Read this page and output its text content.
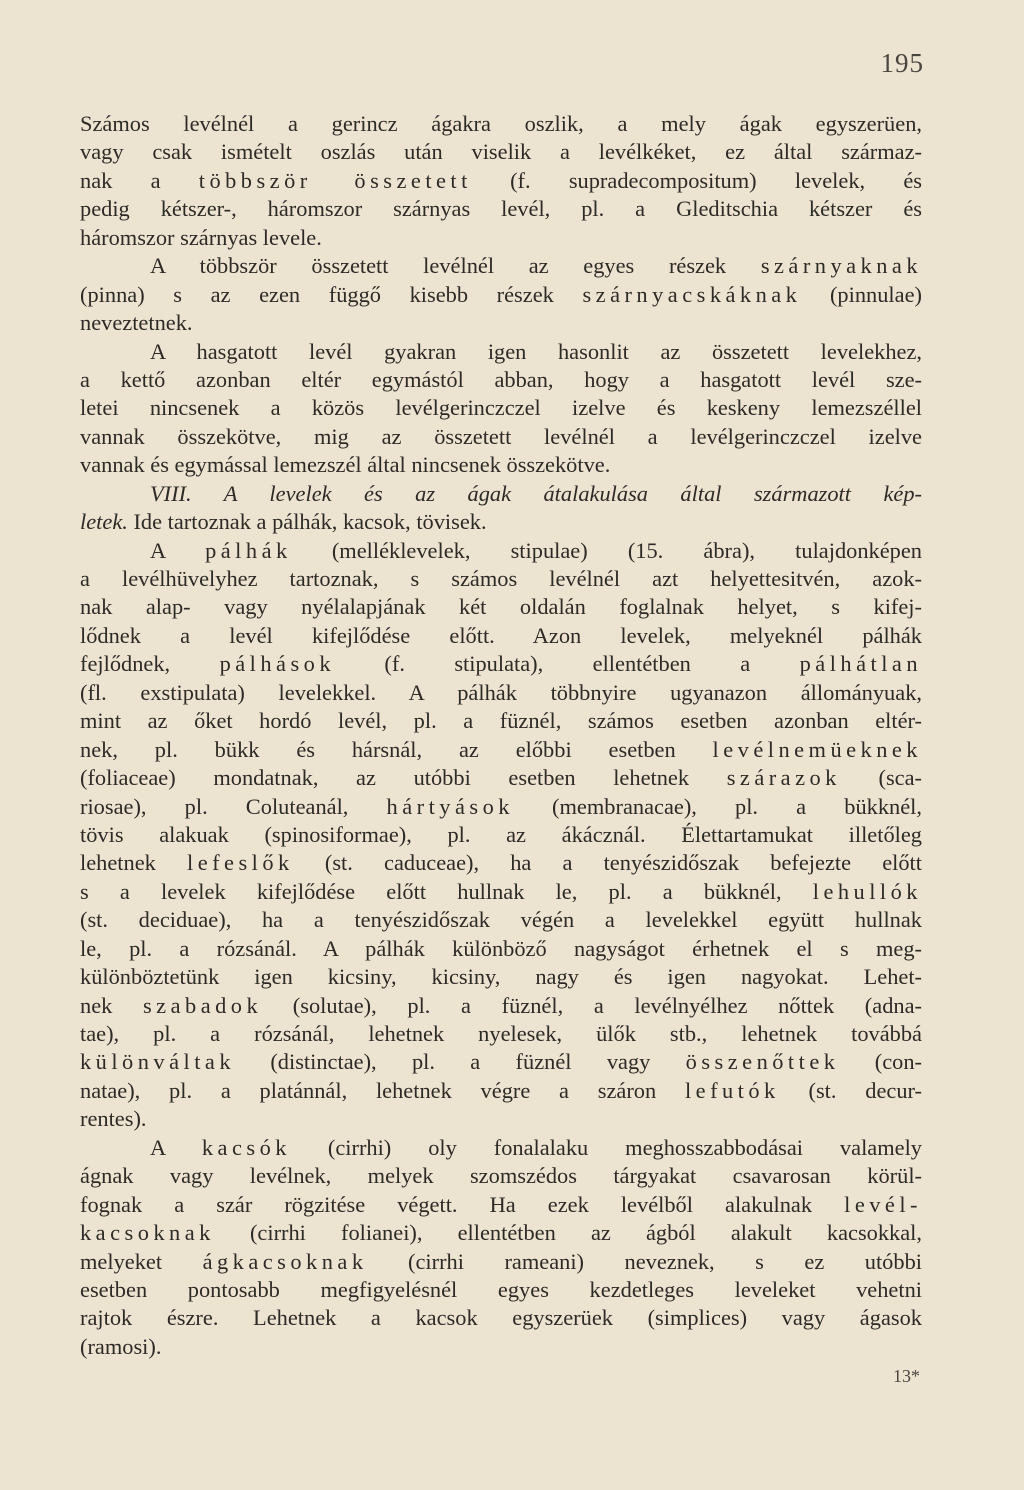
195
Számos levélnél a gerincz ágakra oszlik, a mely ágak egyszerüen,
vagy csak ismételt oszlás után viselik a levélkéket, ez által származ-
nak a többször összetett (f. supradecompositum) levelek, és
pedig kétszer-, háromszor szárnyas levél, pl. a Gleditschia kétszer és
háromszor szárnyas levele.
A többször összetett levélnél az egyes részek szárnyaknak
(pinna) s az ezen függő kisebb részek szárnyacskáknak (pinnulae)
neveztetnek.
A hasgatott levél gyakran igen hasonlit az összetett levelekhez,
a kettő azonban eltér egymástól abban, hogy a hasgatott levél sze-
letei nincsenek a közös levélgerinczczel izelve és keskeny lemezszéllel
vannak összekötve, mig az összetett levélnél a levélgerinczczel izelve
vannak és egymással lemezszél által nincsenek összekötve.
VIII. A levelek és az ágak átalakulása által származott kép-
letek. Ide tartoznak a pálhák, kacsok, tövisek.
A pálhák (melléklevelek, stipulae) (15. ábra), tulajdonképen
a levélhüvelyhez tartoznak, s számos levélnél azt helyettesitvén, azok-
nak alap- vagy nyélalapjának két oldalán foglalnak helyet, s kifej-
lődnek a levél kifejlődése előtt. Azon levelek, melyeknél pálhák
fejlődnek, pálhások (f. stipulata), ellentétben a pálhátlan
(fl. exstipulata) levelekkel. A pálhák többnyire ugyanazon állományuak,
mint az őket hordó levél, pl. a füznél, számos esetben azonban eltér-
nek, pl. bükk és hársnál, az előbbi esetben levélnemüeknek
(foliaceae) mondatnak, az utóbbi esetben lehetnek szárazok (sca-
riosae), pl. Coluteanál, hártyások (membranacae), pl. a bükknél,
tövis alakuak (spinosiformae), pl. az ákácznál. Élettartamukat illetőleg
lehetnek lefeslők (st. caduceae), ha a tenyészidőszak befejezte előtt
s a levelek kifejlődése előtt hullnak le, pl. a bükknél, lehullók
(st. deciduae), ha a tenyészidőszak végén a levelekkel együtt hullnak
le, pl. a rózsánál. A pálhák különböző nagyságot érhetnek el s meg-
különböztetünk igen kicsiny, kicsiny, nagy és igen nagyokat. Lehet-
nek szabadok (solutae), pl. a füznél, a levélnyélhez nőttek (adna-
tae), pl. a rózsánál, lehetnek nyelesek, ülők stb., lehetnek továbbá
különváltak (distinctae), pl. a füznél vagy összenőttek (con-
natae), pl. a platánnál, lehetnek végre a száron lefutók (st. decur-
rentes).
A kacsók (cirrhi) oly fonalalaku meghosszabbodásai valamely
ágnak vagy levélnek, melyek szomszédos tárgyakat csavarosan körül-
fognak a szár rögzitése végett. Ha ezek levélből alakulnak levél-
kacsoknak (cirrhi folianei), ellentétben az ágból alakult kacsokkal,
melyeket ágkacsoknak (cirrhi rameani) neveznek, s ez utóbbi
esetben pontosabb megfigyelésnél egyes kezdetleges leveleket vehetni
rajtok észre. Lehetnek a kacsok egyszerüek (simplices) vagy ágasok
(ramosi).
13*
